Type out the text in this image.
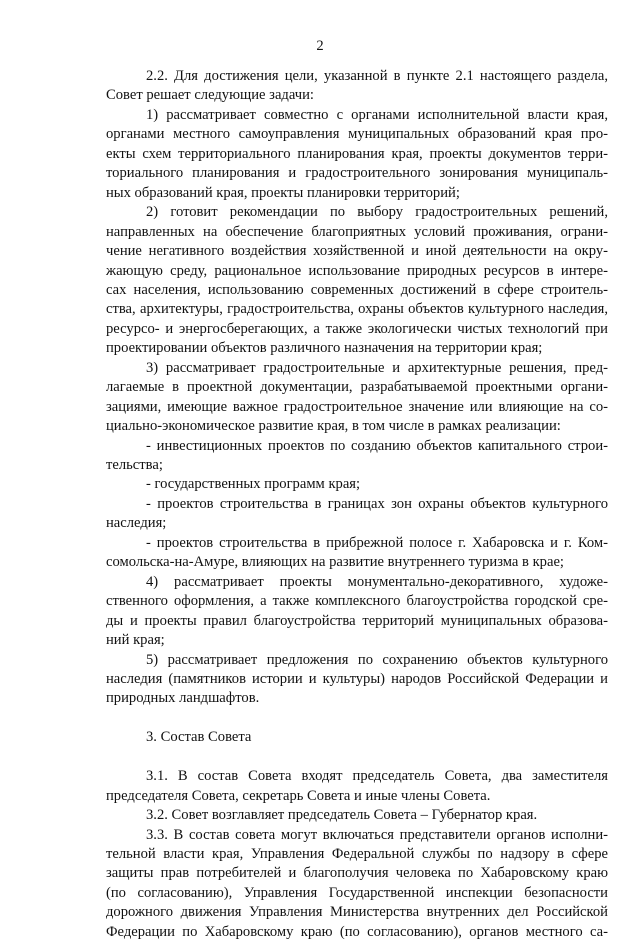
2
2.2. Для достижения цели, указанной в пункте 2.1 настоящего раздела,
Совет решает следующие задачи:
1) рассматривает совместно с органами исполнительной власти края,
органами местного самоуправления муниципальных образований края про-
екты схем территориального планирования края, проекты документов терри-
ториального планирования и градостроительного зонирования муниципаль-
ных образований края, проекты планировки территорий;
2) готовит рекомендации по выбору градостроительных решений,
направленных на обеспечение благоприятных условий проживания, ограни-
чение негативного воздействия хозяйственной и иной деятельности на окру-
жающую среду, рациональное использование природных ресурсов в интере-
сах населения, использованию современных достижений в сфере строитель-
ства, архитектуры, градостроительства, охраны объектов культурного наследия,
ресурсо- и энергосберегающих, а также экологически чистых технологий при
проектировании объектов различного назначения на территории края;
3) рассматривает градостроительные и архитектурные решения, пред-
лагаемые в проектной документации, разрабатываемой проектными органи-
зациями, имеющие важное градостроительное значение или влияющие на со-
циально-экономическое развитие края, в том числе в рамках реализации:
- инвестиционных проектов по созданию объектов капитального строи-
тельства;
- государственных программ края;
- проектов строительства в границах зон охраны объектов культурного
наследия;
- проектов строительства в прибрежной полосе г. Хабаровска и г. Ком-
сомольска-на-Амуре, влияющих на развитие внутреннего туризма в крае;
4) рассматривает проекты монументально-декоративного, художе-
ственного оформления, а также комплексного благоустройства городской сре-
ды и проекты правил благоустройства территорий муниципальных образова-
ний края;
5) рассматривает предложения по сохранению объектов культурного
наследия (памятников истории и культуры) народов Российской Федерации и
природных ландшафтов.
3. Состав Совета
3.1. В состав Совета входят председатель Совета, два заместителя
председателя Совета, секретарь Совета и иные члены Совета.
3.2. Совет возглавляет председатель Совета – Губернатор края.
3.3. В состав совета могут включаться представители органов исполни-
тельной власти края, Управления Федеральной службы по надзору в сфере
защиты прав потребителей и благополучия человека по Хабаровскому краю
(по согласованию), Управления Государственной инспекции безопасности
дорожного движения Управления Министерства внутренних дел Российской
Федерации по Хабаровскому краю (по согласованию), органов местного са-
